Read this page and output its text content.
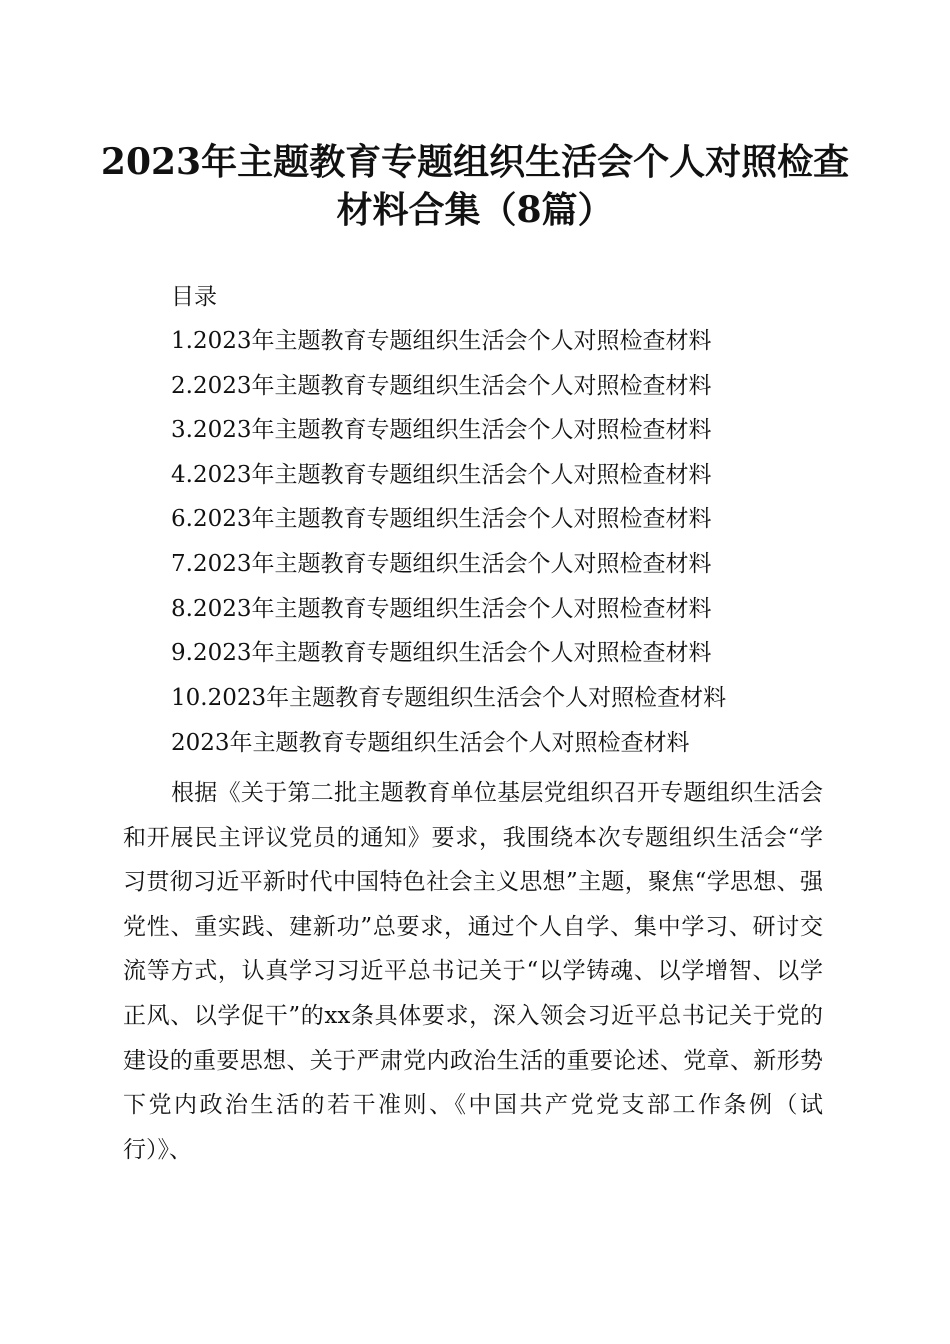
2023年主题教育专题组织生活会个人对照检查材料合集（8篇）
目录
1.2023年主题教育专题组织生活会个人对照检查材料
2.2023年主题教育专题组织生活会个人对照检查材料
3.2023年主题教育专题组织生活会个人对照检查材料
4.2023年主题教育专题组织生活会个人对照检查材料
6.2023年主题教育专题组织生活会个人对照检查材料
7.2023年主题教育专题组织生活会个人对照检查材料
8.2023年主题教育专题组织生活会个人对照检查材料
9.2023年主题教育专题组织生活会个人对照检查材料
10.2023年主题教育专题组织生活会个人对照检查材料
2023年主题教育专题组织生活会个人对照检查材料

根据《关于第二批主题教育单位基层党组织召开专题组织生活会和开展民主评议党员的通知》要求，我围绕本次专题组织生活会“学习贯彻习近平新时代中国特色社会主义思想”主题，聚焦“学思想、强党性、重实践、建新功”总要求，通过个人自学、集中学习、研讨交流等方式，认真学习习近平总书记关于“以学铸魂、以学增智、以学正风、以学促干”的xx条具体要求，深入领会习近平总书记关于党的建设的重要思想、关于严肃党内政治生活的重要论述、党章、新形势下党内政治生活的若干准则、《中国共产党党支部工作条例（试行）》、
